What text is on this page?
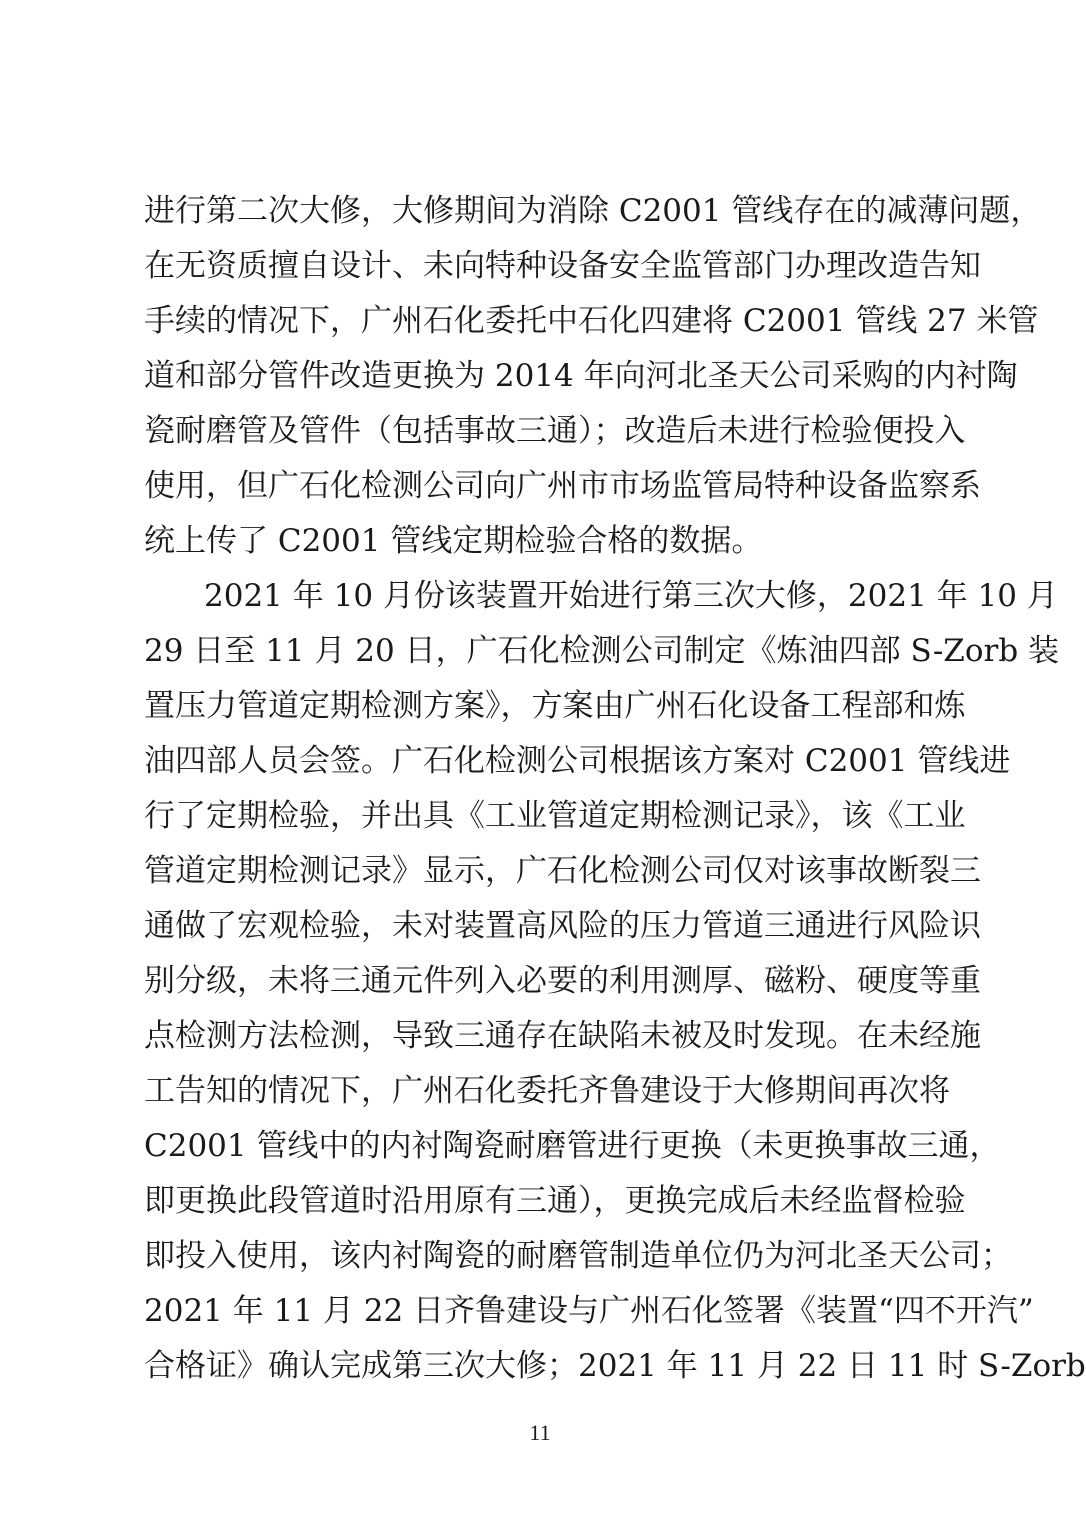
进行第二次大修，大修期间为消除 C2001 管线存在的减薄问题，
在无资质擅自设计、未向特种设备安全监管部门办理改造告知
手续的情况下，广州石化委托中石化四建将 C2001 管线 27 米管
道和部分管件改造更换为 2014 年向河北圣天公司采购的内衬陶
瓷耐磨管及管件（包括事故三通）；改造后未进行检验便投入
使用，但广石化检测公司向广州市市场监管局特种设备监察系
统上传了 C2001 管线定期检验合格的数据。
2021 年 10 月份该装置开始进行第三次大修，2021 年 10 月
29 日至 11 月 20 日，广石化检测公司制定《炼油四部 S-Zorb 装
置压力管道定期检测方案》，方案由广州石化设备工程部和炼
油四部人员会签。广石化检测公司根据该方案对 C2001 管线进
行了定期检验，并出具《工业管道定期检测记录》，该《工业
管道定期检测记录》显示，广石化检测公司仅对该事故断裂三
通做了宏观检验，未对装置高风险的压力管道三通进行风险识
别分级，未将三通元件列入必要的利用测厚、磁粉、硬度等重
点检测方法检测，导致三通存在缺陷未被及时发现。在未经施
工告知的情况下，广州石化委托齐鲁建设于大修期间再次将
C2001 管线中的内衬陶瓷耐磨管进行更换（未更换事故三通，
即更换此段管道时沿用原有三通），更换完成后未经监督检验
即投入使用，该内衬陶瓷的耐磨管制造单位仍为河北圣天公司；
2021 年 11 月 22 日齐鲁建设与广州石化签署《装置“四不开汽”
合格证》确认完成第三次大修；2021 年 11 月 22 日 11 时 S-Zorb
11
